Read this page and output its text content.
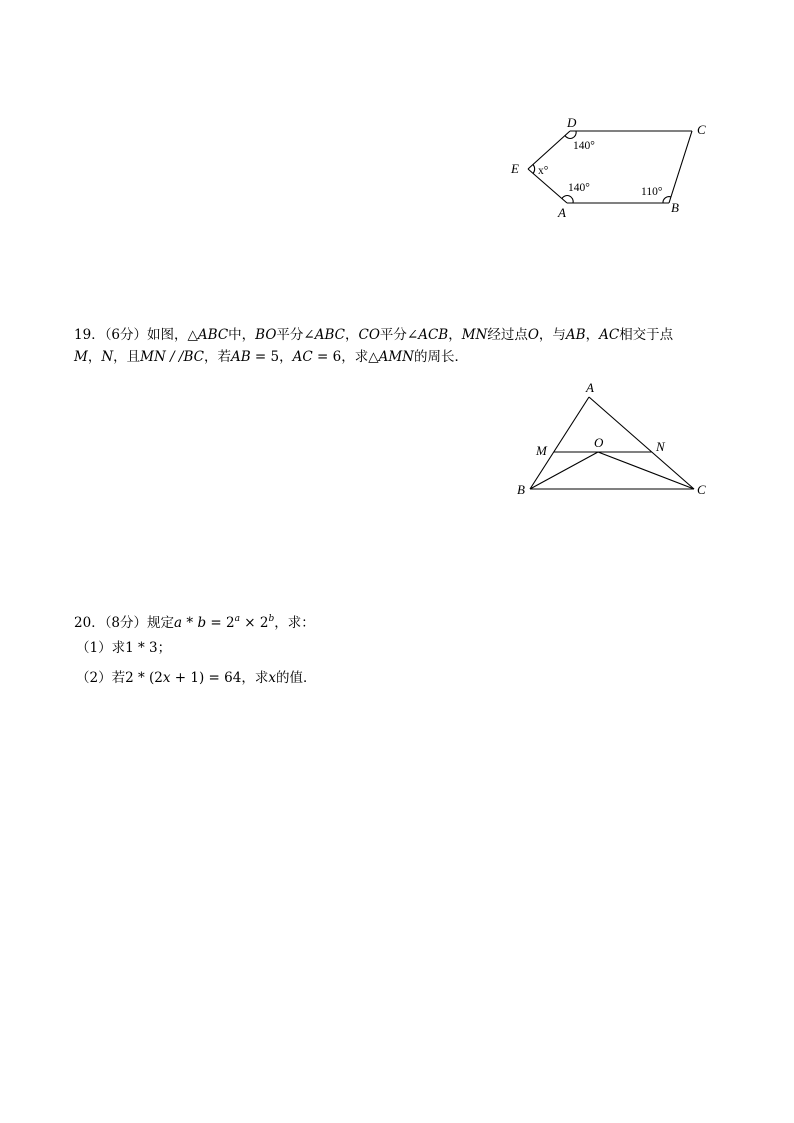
D	C
E
A	B
140°
x°
140°	110°
19．（6分）如图，△ABC中，BO平分∠ABC，CO平分∠ACB，MN经过点O，与AB，AC相交于点
M，N，且MN / /BC，若AB = 5，AC = 6，求△AMN的周长．
A
B	C
M	N
O
20．（8分）规定$a * b = 2^a \times 2^b$，求：
（1）求1 * 3；
（2）若2 * (2x + 1) = 64，求x的值．
